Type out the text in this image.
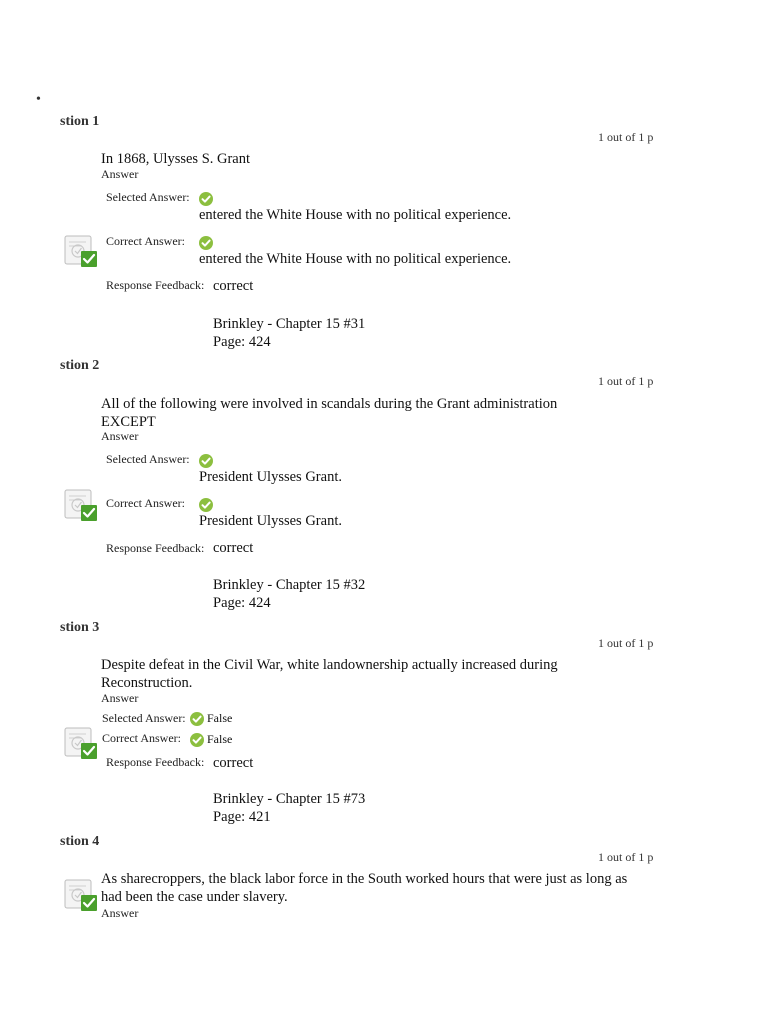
•
stion 1
1 out of 1 p
In 1868, Ulysses S. Grant
Answer
Selected Answer:
entered the White House with no political experience.
Correct Answer:
entered the White House with no political experience.
Response Feedback: correct
Brinkley - Chapter 15 #31
Page: 424
stion 2
1 out of 1 p
All of the following were involved in scandals during the Grant administration EXCEPT
Answer
Selected Answer:
President Ulysses Grant.
Correct Answer:
President Ulysses Grant.
Response Feedback: correct
Brinkley - Chapter 15 #32
Page: 424
stion 3
1 out of 1 p
Despite defeat in the Civil War, white landownership actually increased during Reconstruction.
Answer
Selected Answer: False
Correct Answer: False
Response Feedback: correct
Brinkley - Chapter 15 #73
Page: 421
stion 4
1 out of 1 p
As sharecroppers, the black labor force in the South worked hours that were just as long as had been the case under slavery.
Answer
